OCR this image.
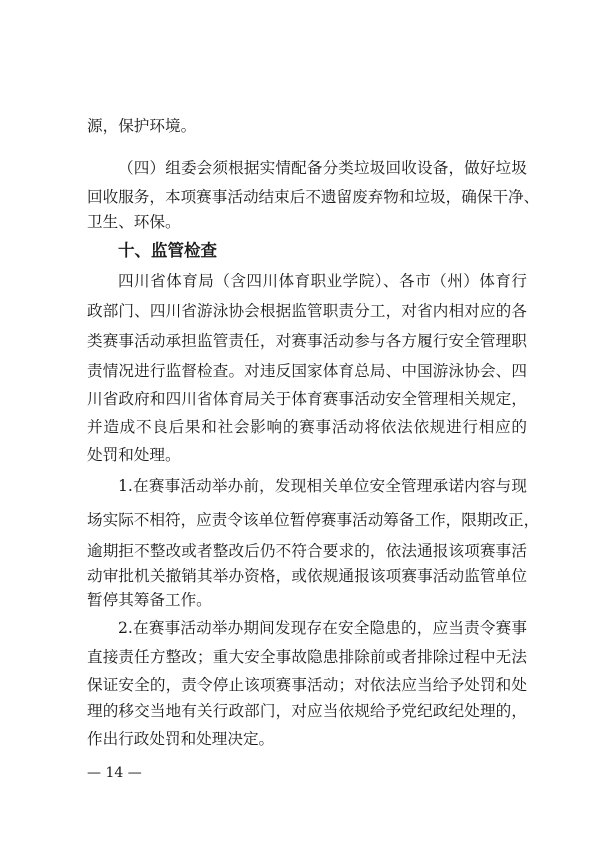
源，保护环境。
（四）组委会须根据实情配备分类垃圾回收设备，做好垃圾
回收服务，本项赛事活动结束后不遗留废弃物和垃圾，确保干净、
卫生、环保。
十、监管检查
四川省体育局（含四川体育职业学院）、各市（州）体育行
政部门、四川省游泳协会根据监管职责分工，对省内相对应的各
类赛事活动承担监管责任，对赛事活动参与各方履行安全管理职
责情况进行监督检查。对违反国家体育总局、中国游泳协会、四
川省政府和四川省体育局关于体育赛事活动安全管理相关规定，
并造成不良后果和社会影响的赛事活动将依法依规进行相应的
处罚和处理。
1.在赛事活动举办前，发现相关单位安全管理承诺内容与现
场实际不相符，应责令该单位暂停赛事活动筹备工作，限期改正，
逾期拒不整改或者整改后仍不符合要求的，依法通报该项赛事活
动审批机关撤销其举办资格，或依规通报该项赛事活动监管单位
暂停其筹备工作。
2.在赛事活动举办期间发现存在安全隐患的，应当责令赛事
直接责任方整改；重大安全事故隐患排除前或者排除过程中无法
保证安全的，责令停止该项赛事活动；对依法应当给予处罚和处
理的移交当地有关行政部门，对应当依规给予党纪政纪处理的，
作出行政处罚和处理决定。
— 14 —
